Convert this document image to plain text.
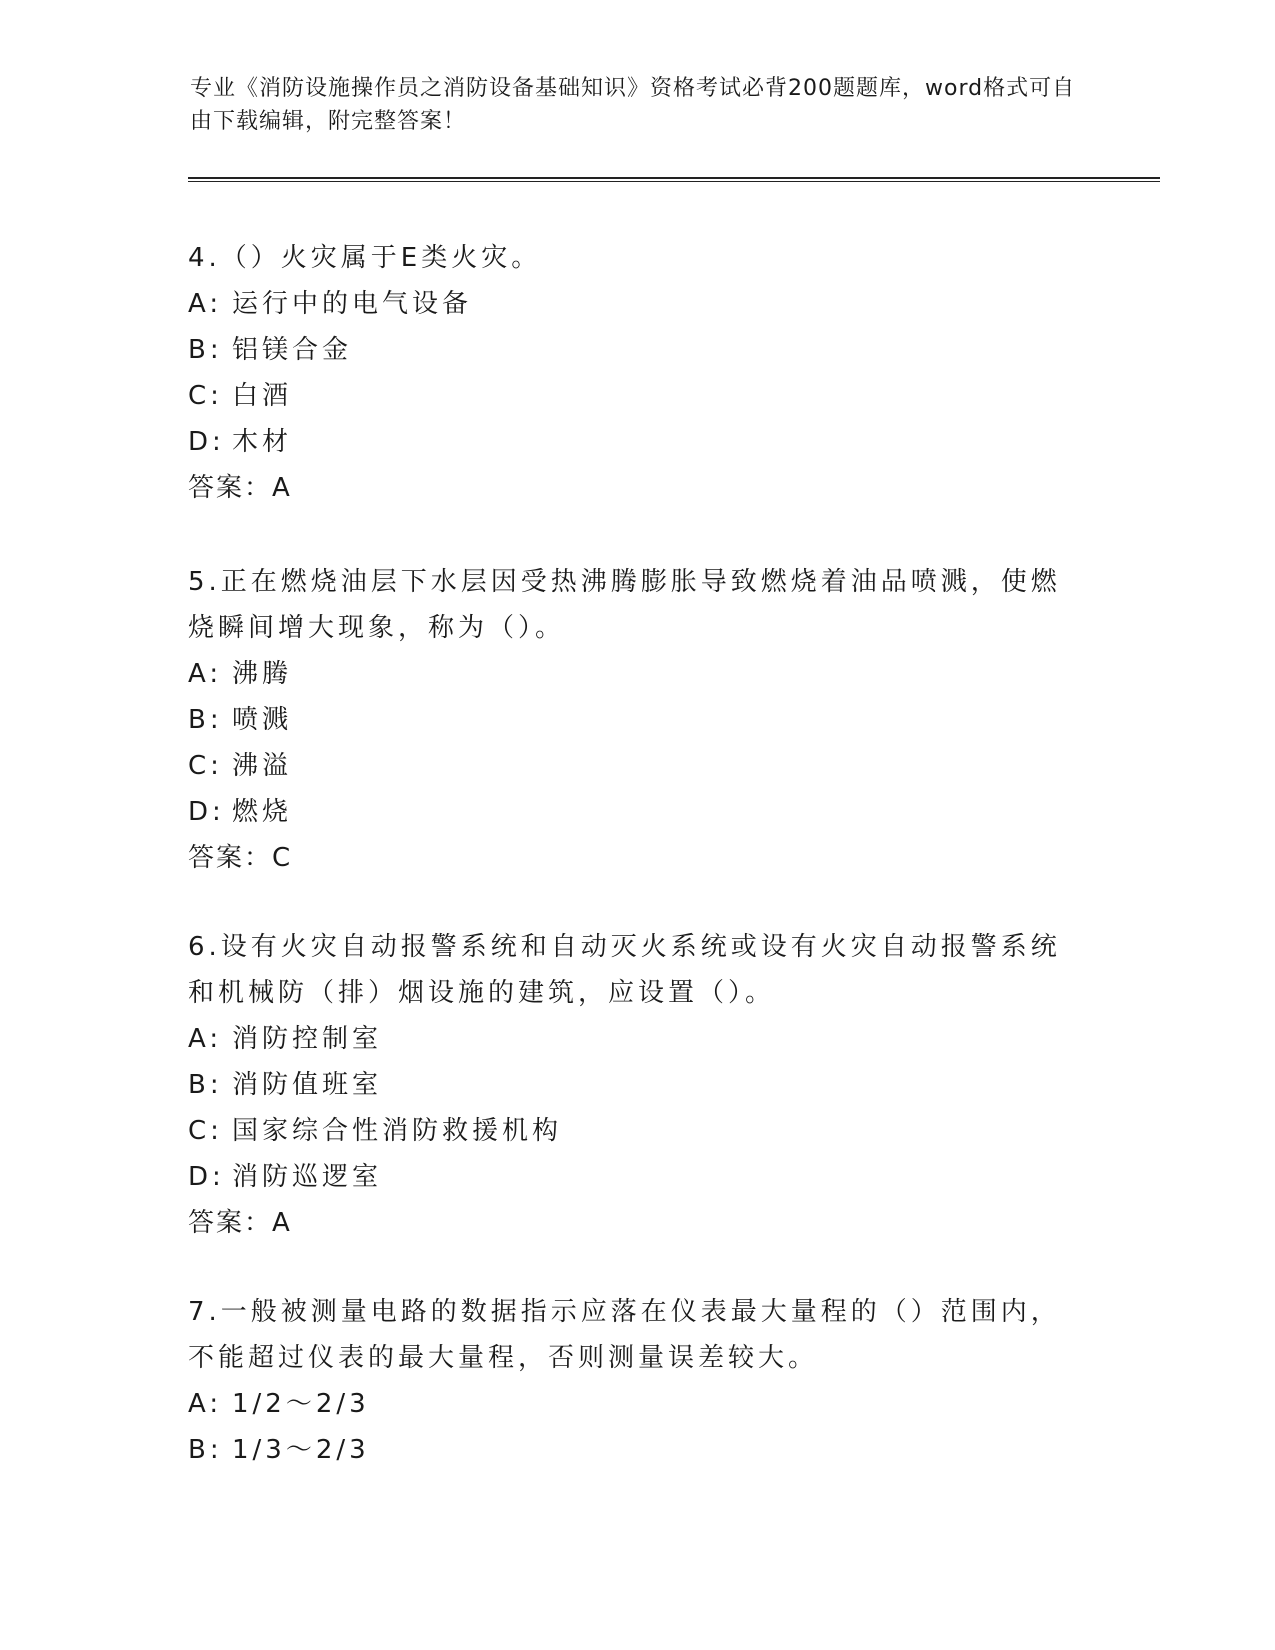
专业《消防设施操作员之消防设备基础知识》资格考试必背200题题库，word格式可自由下载编辑，附完整答案！

4.（）火灾属于E类火灾。

A: 运行中的电气设备
B: 铝镁合金
C: 白酒
D: 木材

答案：A

5.正在燃烧油层下水层因受热沸腾膨胀导致燃烧着油品喷溅，使燃烧瞬间增大现象，称为（）。

A: 沸腾
B: 喷溅
C: 沸溢
D: 燃烧

答案：C

6.设有火灾自动报警系统和自动灭火系统或设有火灾自动报警系统和机械防（排）烟设施的建筑，应设置（）。

A: 消防控制室
B: 消防值班室
C: 国家综合性消防救援机构
D: 消防巡逻室

答案：A

7.一般被测量电路的数据指示应落在仪表最大量程的（）范围内，不能超过仪表的最大量程，否则测量误差较大。

A: 1/2～2/3
B: 1/3～2/3
